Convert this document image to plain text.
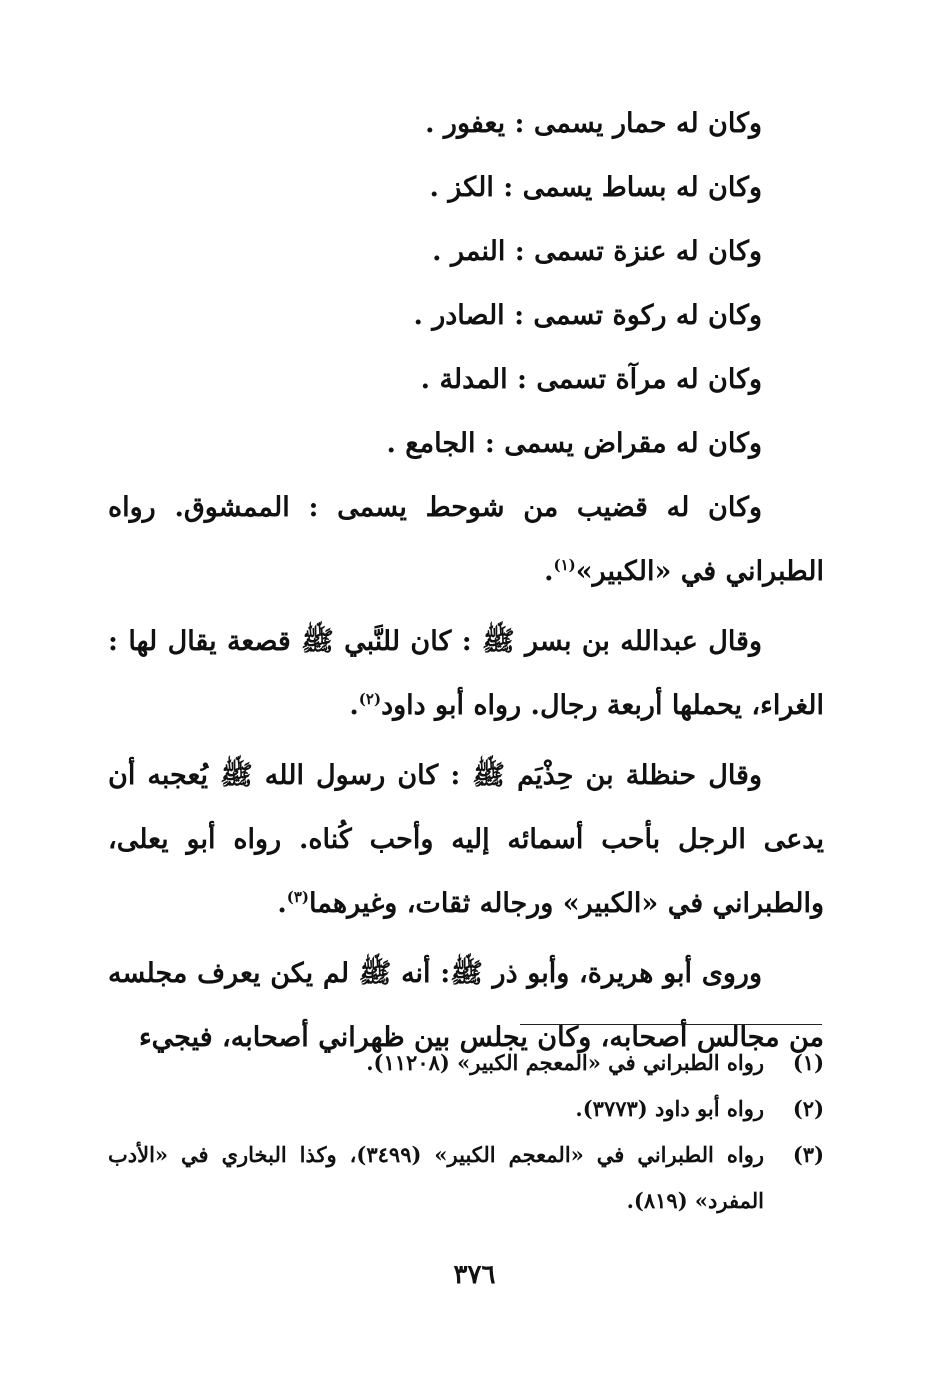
وكان له حمار يسمى : يعفور .

وكان له بساط يسمى : الكز .

وكان له عنزة تسمى : النمر .

وكان له ركوة تسمى : الصادر .

وكان له مرآة تسمى : المدلة .

وكان له مقراض يسمى : الجامع .

وكان له قضيب من شوحط يسمى : الممشوق. رواه الطبراني في «الكبير»$^{(١)}$.

وقال عبدالله بن بسر ﷺ : كان للنَّبي ﷺ قصعة يقال لها : الغراء، يحملها أربعة رجال. رواه أبو داود$^{(٢)}$.

وقال حنظلة بن حِذْيَم ﷺ : كان رسول الله ﷺ يُعجبه أن يدعى الرجل بأحب أسمائه إليه وأحب كُناه. رواه أبو يعلى، والطبراني في «الكبير» ورجاله ثقات، وغيرهما$^{(٣)}$.

وروى أبو هريرة، وأبو ذر ﷺ: أنه ﷺ لم يكن يعرف مجلسه من مجالس أصحابه، وكان يجلس بين ظهراني أصحابه، فيجيء

(١)
رواه الطبراني في «المعجم الكبير» (١١٢٠٨).
(٢)
رواه أبو داود (٣٧٧٣).
(٣)
رواه الطبراني في «المعجم الكبير» (٣٤٩٩)، وكذا البخاري في «الأدب المفرد» (٨١٩).
٣٧٦
